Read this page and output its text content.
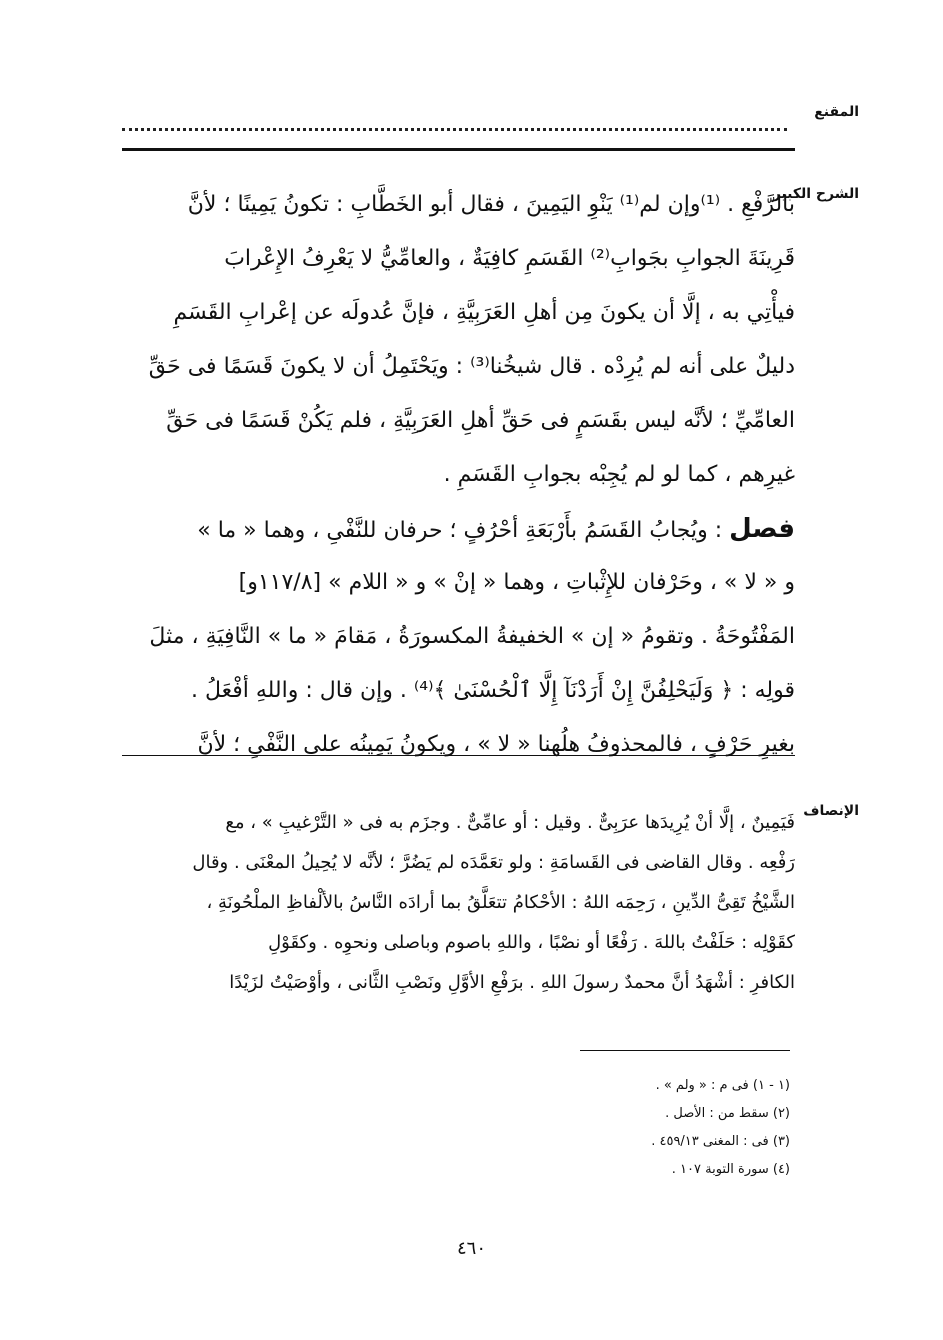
المقنع
الشرح الكبير
بالرَّفْعِ . ⁽¹⁾وإن لم⁽¹⁾ يَنْوِ اليَمِينَ ، فقال أبو الخَطَّابِ : تكونُ يَمِينًا ؛ لأنَّ
قَرِينَةَ الجوابِ بجَوابِ⁽²⁾ القَسَمِ كافِيَةٌ ، والعامِّيُّ لا يَعْرِفُ الإِعْرابَ
فيأْتِي به ، إلَّا أن يكونَ مِن أهلِ العَرَبِيَّةِ ، فإنَّ عُدولَه عن إعْرابِ القَسَمِ
دليلٌ على أنه لم يُرِدْه . قال شيخُنا⁽³⁾ : ويَحْتَمِلُ أن لا يكونَ قَسَمًا فى حَقِّ
العامِّيِّ ؛ لأنَّه ليس بقَسَمٍ فى حَقِّ أهلِ العَرَبِيَّةِ ، فلم يَكُنْ قَسَمًا فى حَقِّ
غيرِهم ، كما لو لم يُجِبْه بجوابِ القَسَمِ .
فصل : ويُجابُ القَسَمُ بأَرْبَعَةِ أحْرُفٍ ؛ حرفان للنَّفْىِ ، وهما « ما »
و « لا » ، وحَرْفان للإِثْباتِ ، وهما « إنْ » و « اللام » [١١٧/٨و]
المَفْتُوحَةُ . وتقومُ « إن » الخفيفةُ المكسورَةُ ، مَقامَ « ما » النَّافِيَةِ ، مثلَ
قولِه : ﴿ وَلَيَحْلِفُنَّ إِنْ أَرَدْنَآ إِلَّا ٱلْحُسْنَىٰ ﴾⁽⁴⁾ . وإن قال : واللهِ أفْعَلُ .
بغيرِ حَرْفٍ ، فالمحذوفُ هلُهنا « لا » ، ويكونُ يَمِينُه على النَّفْىِ ؛ لأنَّ
الإنصاف
فَيَمِينٌ ، إلَّا أنْ يُرِيدَها عرَبِىٌّ . وقيل : أو عامِّىٌّ . وجزَم به فى « التَّرْغيبِ » ، مع
رَفْعِه . وقال القاضى فى القَسامَةِ : ولو تعَمَّدَه لم يَضُرَّ ؛ لأنَّه لا يُحِيلُ المعْنَى . وقال
الشَّيْخُ تَقِىُّ الدِّينِ ، رَحِمَه اللهُ : الأحْكامُ تتعَلَّقُ بما أرادَه النَّاسُ بالألْفاظِ الملْحُونَةِ ،
كقَوْلِه : حَلَفْتُ باللهَ . رَفْعًا أو نصْبًا ، واللهِ باصوم وباصلى ونحوِه . وكقَوْلِ
الكافرِ : أشْهَدُ أنَّ محمدٌ رسولَ اللهِ . برَفْعِ الأوَّلِ ونَصْبِ الثَّانى ، وأوْصَيْتُ لزَيْدًا
(١ - ١) فى م : « ولم » .
(٢) سقط من : الأصل .
(٣) فى : المغنى ٤٥٩/١٣ .
(٤) سورة التوبة ١٠٧ .
٤٦٠
